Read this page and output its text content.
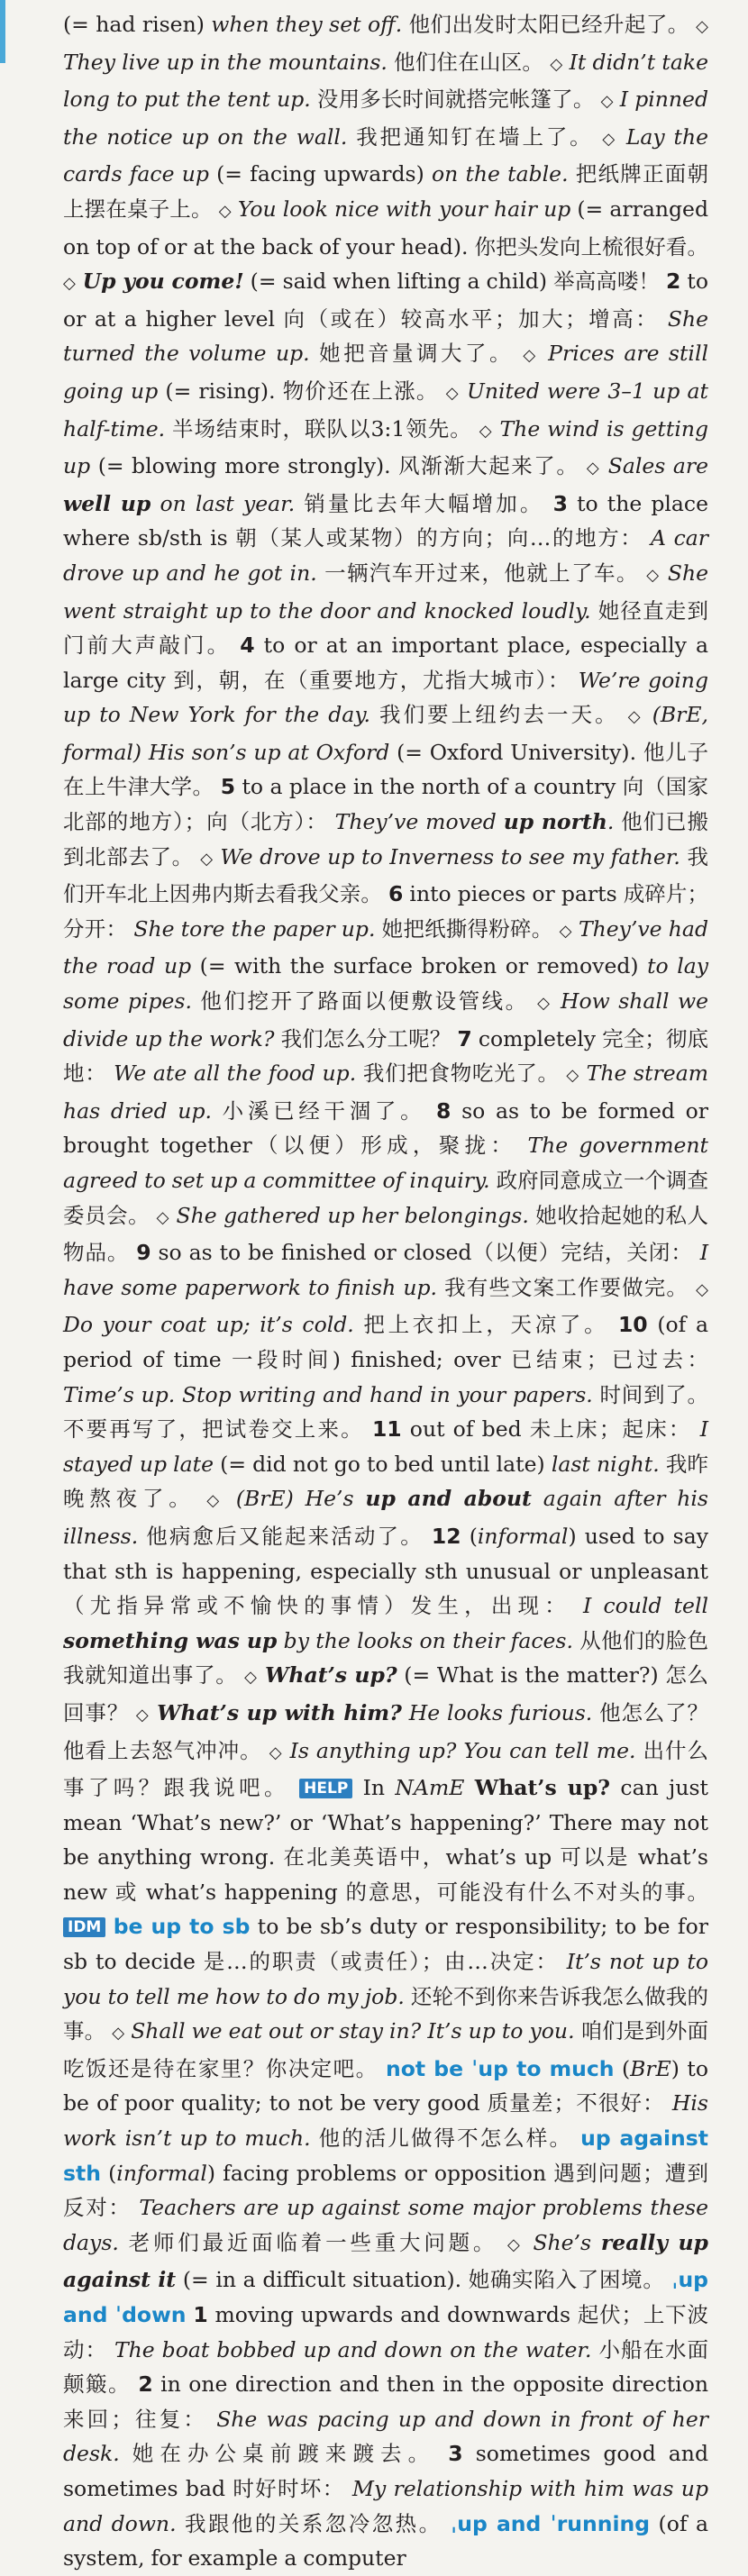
(= had risen) when they set off. 他们出发时太阳已经升起了。 ◇ They live up in the mountains. 他们住在山区。 ◇ It didn’t take long to put the tent up. 没用多长时间就搭完帐篷了。 ◇ I pinned the notice up on the wall. 我把通知钉在墙上了。 ◇ Lay the cards face up (= facing upwards) on the table. 把纸牌正面朝上摆在桌子上。 ◇ You look nice with your hair up (= arranged on top of or at the back of your head). 你把头发向上梳很好看。 ◇ Up you come! (= said when lifting a child) 举高高喽！ 2 to or at a higher level 向（或在）较高水平；加大；增高： She turned the volume up. 她把音量调大了。 ◇ Prices are still going up (= rising). 物价还在上涨。 ◇ United were 3–1 up at half-time. 半场结束时，联队以3:1领先。 ◇ The wind is getting up (= blowing more strongly). 风渐渐大起来了。 ◇ Sales are well up on last year. 销量比去年大幅增加。 3 to the place where sb/sth is 朝（某人或某物）的方向；向…的地方： A car drove up and he got in. 一辆汽车开过来，他就上了车。 ◇ She went straight up to the door and knocked loudly. 她径直走到门前大声敲门。 4 to or at an important place, especially a large city 到，朝，在（重要地方，尤指大城市）： We’re going up to New York for the day. 我们要上纽约去一天。 ◇ (BrE, formal) His son’s up at Oxford (= Oxford University). 他儿子在上牛津大学。 5 to a place in the north of a country 向（国家北部的地方）；向（北方）： They’ve moved up north. 他们已搬到北部去了。 ◇ We drove up to Inverness to see my father. 我们开车北上因弗内斯去看我父亲。 6 into pieces or parts 成碎片；分开： She tore the paper up. 她把纸撕得粉碎。 ◇ They’ve had the road up (= with the surface broken or removed) to lay some pipes. 他们挖开了路面以便敷设管线。 ◇ How shall we divide up the work? 我们怎么分工呢？ 7 completely 完全；彻底地： We ate all the food up. 我们把食物吃光了。 ◇ The stream has dried up. 小溪已经干涸了。 8 so as to be formed or brought together（以便）形成，聚拢： The government agreed to set up a committee of inquiry. 政府同意成立一个调查委员会。 ◇ She gathered up her belongings. 她收拾起她的私人物品。 9 so as to be finished or closed（以便）完结，关闭： I have some paperwork to finish up. 我有些文案工作要做完。 ◇ Do your coat up; it’s cold. 把上衣扣上，天凉了。 10 (of a period of time 一段时间) finished; over 已结束；已过去： Time’s up. Stop writing and hand in your papers. 时间到了。不要再写了，把试卷交上来。 11 out of bed 未上床；起床： I stayed up late (= did not go to bed until late) last night. 我昨晚熬夜了。 ◇ (BrE) He’s up and about again after his illness. 他病愈后又能起来活动了。 12 (informal) used to say that sth is happening, especially sth unusual or unpleasant（尤指异常或不愉快的事情）发生，出现： I could tell something was up by the looks on their faces. 从他们的脸色我就知道出事了。 ◇ What’s up? (= What is the matter?) 怎么回事？ ◇ What’s up with him? He looks furious. 他怎么了？他看上去怒气冲冲。 ◇ Is anything up? You can tell me. 出什么事了吗？跟我说吧。 HELP In NAmE What’s up? can just mean ‘What’s new?’ or ‘What’s happening?’ There may not be anything wrong. 在北美英语中，what’s up 可以是 what’s new 或 what’s happening 的意思，可能没有什么不对头的事。 IDM be up to sb to be sb’s duty or responsibility; to be for sb to decide 是…的职责（或责任）；由…决定： It’s not up to you to tell me how to do my job. 还轮不到你来告诉我怎么做我的事。 ◇ Shall we eat out or stay in? It’s up to you. 咱们是到外面吃饭还是待在家里？你决定吧。 not be ˈup to much (BrE) to be of poor quality; to not be very good 质量差；不很好： His work isn’t up to much. 他的活儿做得不怎么样。 up against sth (informal) facing problems or opposition 遇到问题；遭到反对： Teachers are up against some major problems these days. 老师们最近面临着一些重大问题。 ◇ She’s really up against it (= in a difficult situation). 她确实陷入了困境。 ˌup and ˈdown 1 moving upwards and downwards 起伏；上下波动： The boat bobbed up and down on the water. 小船在水面颠簸。 2 in one direction and then in the opposite direction 来回；往复： She was pacing up and down in front of her desk. 她在办公桌前踱来踱去。 3 sometimes good and sometimes bad 时好时坏： My relationship with him was up and down. 我跟他的关系忽冷忽热。 ˌup and ˈrunning (of a system, for example a computer
